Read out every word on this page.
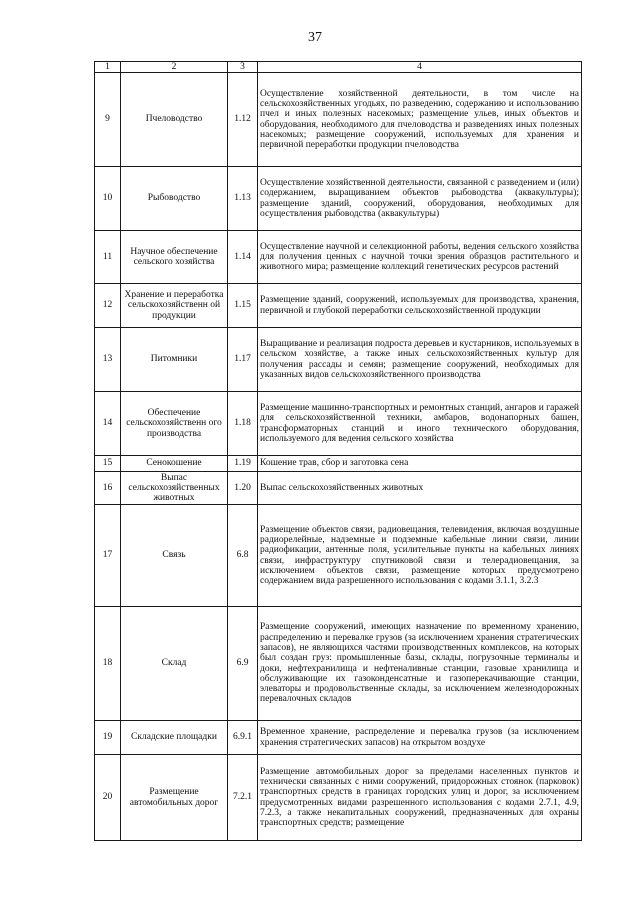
37
1	2	3	4
9	Пчеловодство	1.12	Осуществление хозяйственной деятельности, в том числе на сельскохозяйственных угодьях, по разведению, содержанию и использованию пчел и иных полезных насекомых; размещение ульев, иных объектов и оборудования, необходимого для пчеловодства и разведениях иных полезных насекомых; размещение сооружений, используемых для хранения и первичной переработки продукции пчеловодства
10	Рыбоводство	1.13	Осуществление хозяйственной деятельности, связанной с разведением и (или) содержанием, выращиванием объектов рыбоводства (аквакультуры); размещение зданий, сооружений, оборудования, необходимых для осуществления рыбоводства (аквакультуры)
11	Научное обеспечение сельского хозяйства	1.14	Осуществление научной и селекционной работы, ведения сельского хозяйства для получения ценных с научной точки зрения образцов растительного и животного мира; размещение коллекций генетических ресурсов растений
12	Хранение и переработка сельскохозяйственн ой продукции	1.15	Размещение зданий, сооружений, используемых для производства, хранения, первичной и глубокой переработки сельскохозяйственной продукции
13	Питомники	1.17	Выращивание и реализация подроста деревьев и кустарников, используемых в сельском хозяйстве, а также иных сельскохозяйственных культур для получения рассады и семян; размещение сооружений, необходимых для указанных видов сельскохозяйственного производства
14	Обеспечение сельскохозяйственн ого производства	1.18	Размещение машинно-транспортных и ремонтных станций, ангаров и гаражей для сельскохозяйственной техники, амбаров, водонапорных башен, трансформаторных станций и иного технического оборудования, используемого для ведения сельского хозяйства
15	Сенокошение	1.19	Кошение трав, сбор и заготовка сена
16	Выпас сельскохозяйственных животных	1.20	Выпас сельскохозяйственных животных
17	Связь	6.8	Размещение объектов связи, радиовещания, телевидения, включая воздушные радиорелейные, надземные и подземные кабельные линии связи, линии радиофикации, антенные поля, усилительные пункты на кабельных линиях связи, инфраструктуру спутниковой связи и телерадиовещания, за исключением объектов связи, размещение которых предусмотрено содержанием вида разрешенного использования с кодами 3.1.1, 3.2.3
18	Склад	6.9	Размещение сооружений, имеющих назначение по временному хранению, распределению и перевалке грузов (за исключением хранения стратегических запасов), не являющихся частями производственных комплексов, на которых был создан груз: промышленные базы, склады, погрузочные терминалы и доки, нефтехранилища и нефтеналивные станции, газовые хранилища и обслуживающие их газоконденсатные и газоперекачивающие станции, элеваторы и продовольственные склады, за исключением железнодорожных перевалочных складов
19	Складские площадки	6.9.1	Временное хранение, распределение и перевалка грузов (за исключением хранения стратегических запасов) на открытом воздухе
20	Размещение автомобильных дорог	7.2.1	Размещение автомобильных дорог за пределами населенных пунктов и технически связанных с ними сооружений, придорожных стоянок (парковок) транспортных средств в границах городских улиц и дорог, за исключением предусмотренных видами разрешенного использования с кодами 2.7.1, 4.9, 7.2.3, а также некапитальных сооружений, предназначенных для охраны транспортных средств; размещение
